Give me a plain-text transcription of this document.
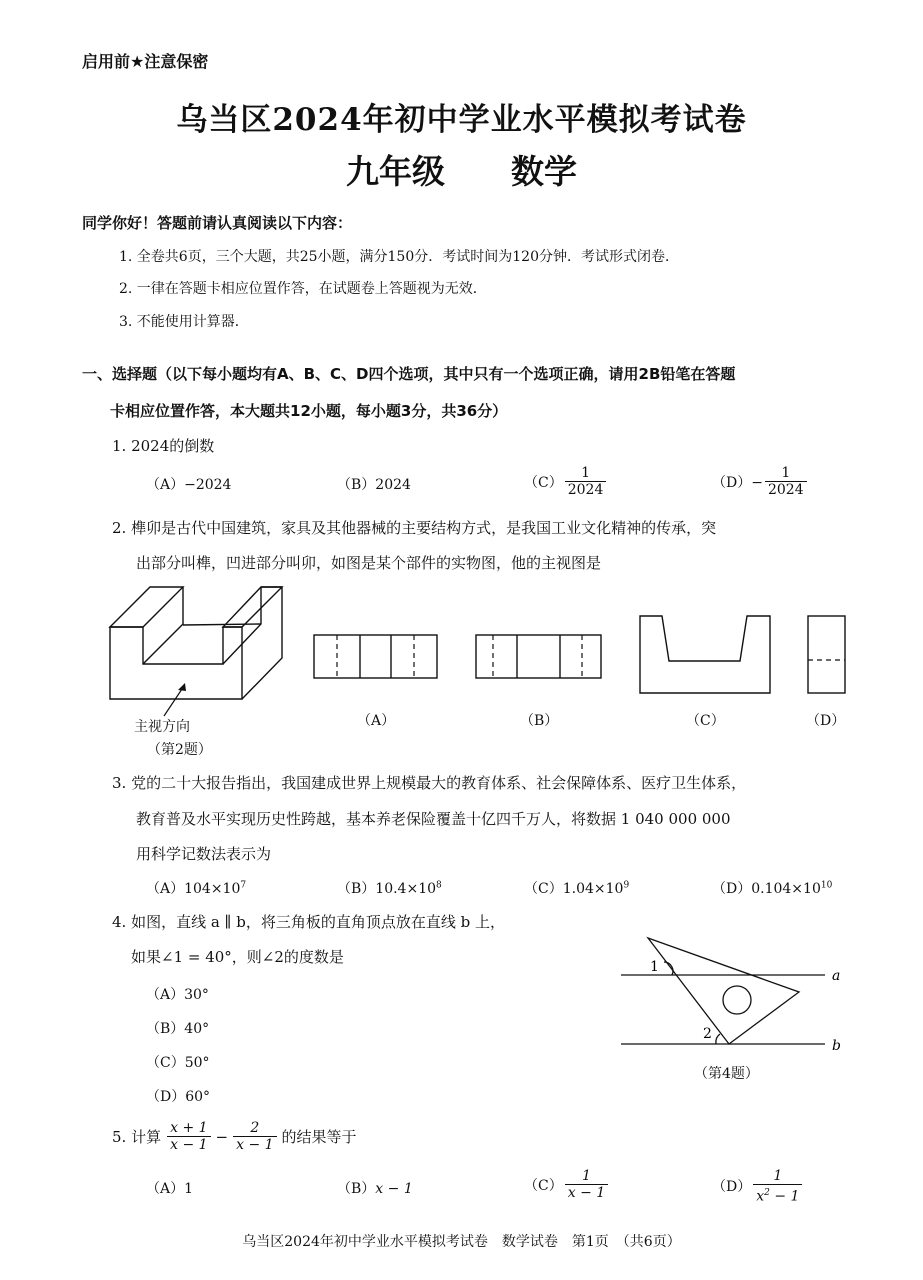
启用前★注意保密
乌当区2024年初中学业水平模拟考试卷
九年级　　数学
同学你好！答题前请认真阅读以下内容：
1. 全卷共6页，三个大题，共25小题，满分150分．考试时间为120分钟．考试形式闭卷．
2. 一律在答题卡相应位置作答，在试题卷上答题视为无效．
3. 不能使用计算器．
一、选择题（以下每小题均有A、B、C、D四个选项，其中只有一个选项正确，请用2B铅笔在答题
卡相应位置作答，本大题共12小题，每小题3分，共36分）
1. 2024的倒数
（A）−2024	（B）2024	$(C) \frac{1}{2024}$	$(D)- \frac{1}{2024}$
2. 榫卯是古代中国建筑，家具及其他器械的主要结构方式，是我国工业文化精神的传承，突
出部分叫榫，凹进部分叫卯，如图是某个部件的实物图，他的主视图是
主视方向
（第2题）
（A）	（B）	（C）	（D）
3. 党的二十大报告指出，我国建成世界上规模最大的教育体系、社会保障体系、医疗卫生体系，
教育普及水平实现历史性跨越，基本养老保险覆盖十亿四千万人，将数据 1 040 000 000
用科学记数法表示为
$(A)104\times 10^7$	$(B)10.4\times 10^8$	$(C)1.04\times 10^9$	$(D)0.104\times 10^{10}$
4. 如图，直线 a ∥ b，将三角板的直角顶点放在直线 b 上，
如果∠1 = 40°，则∠2的度数是
（A）30°
（B）40°
（C）50°
（D）60°
a
b
1
2
（第4题）
5. 计算 $\frac{x + 1}{x - 1} - \frac{2}{x - 1}$ 的结果等于
（A）1	（B）x − 1	$(C) \frac{1}{x - 1}$	$(D) \frac{1}{x^2 - 1}$
乌当区2024年初中学业水平模拟考试卷　数学试卷　第1页　（共6页）
